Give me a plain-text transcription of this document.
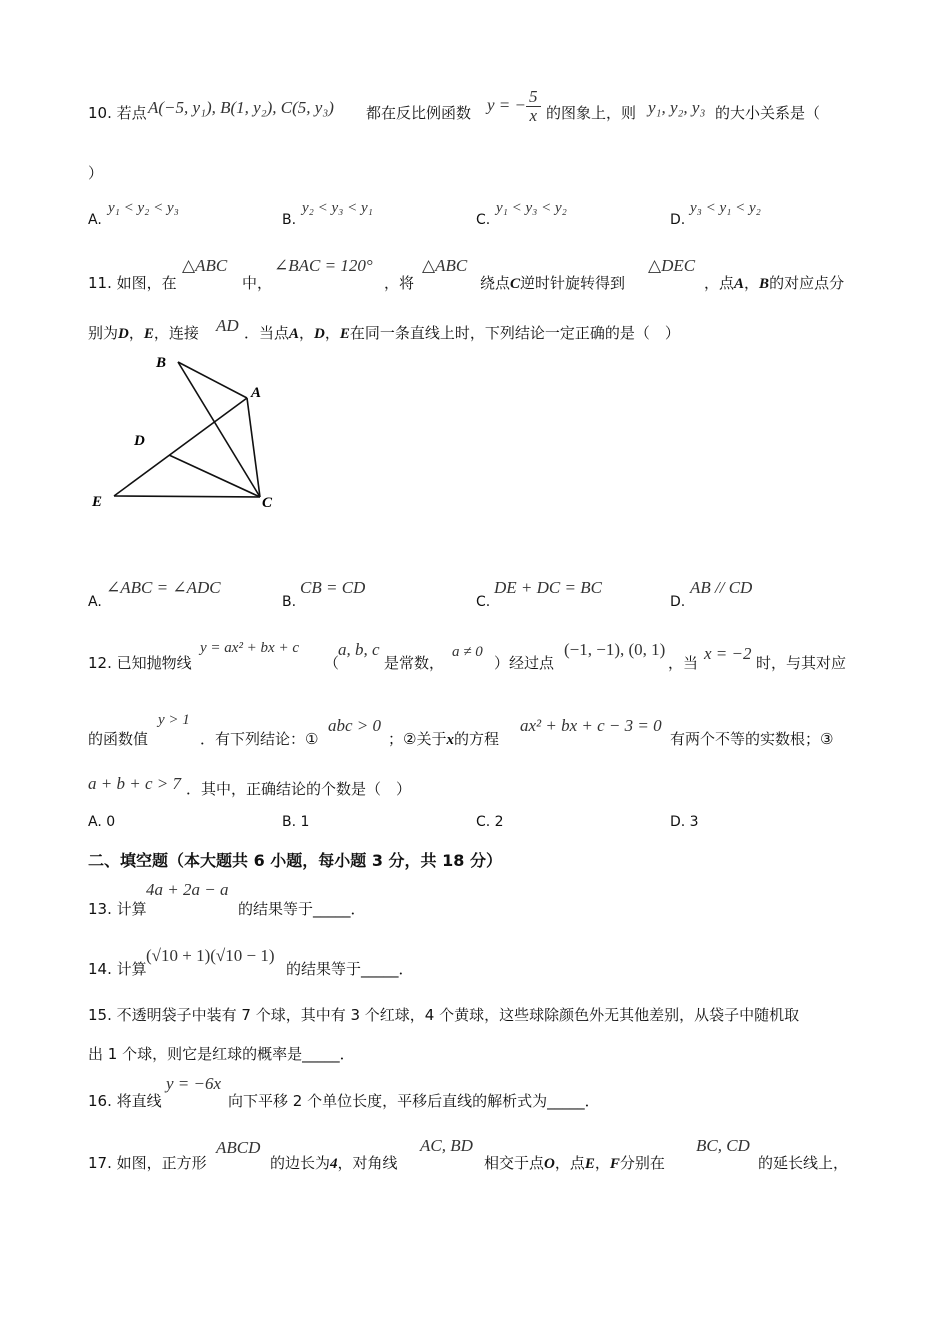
10. 若点 A(−5, y₁), B(1, y₂), C(5, y₃) 都在反比例函数 y = − $\frac{5}{x}$ 的图象上，则 y₁, y₂, y₃ 的大小关系是（
）
A.
y₁ < y₂ < y₃
B.
y₂ < y₃ < y₁
C.
y₁ < y₃ < y₂
D.
y₃ < y₁ < y₂
11. 如图，在
△ABC
中，
∠BAC = 120°
，将
△ABC
绕点C逆时针旋转得到
△DEC
，点A，B的对应点分
别为D，E，连接 AD ．当点A，D，E在同一条直线上时，下列结论一定正确的是（　）
B
A
D
E	C
A.
∠ABC = ∠ADC
B.
CB = CD
C.
DE + DC = BC
D.
AB // CD
12. 已知抛物线
y = ax² + bx + c
（
a, b, c
是常数，
a ≠ 0
）经过点
(−1, −1), (0, 1)
，当 x = −2 时，与其对应
的函数值
y > 1
．有下列结论：①
abc > 0
；②关于x的方程
ax² + bx + c − 3 = 0
有两个不等的实数根；③
a + b + c > 7 ．其中，正确结论的个数是（　）
A. 0	B. 1	C. 2	D. 3
二、填空题（本大题共 6 小题，每小题 3 分，共 18 分）
13. 计算
4a + 2a − a
的结果等于_____．
14. 计算
(√10 + 1)(√10 − 1)
的结果等于_____．
15. 不透明袋子中装有 7 个球，其中有 3 个红球，4 个黄球，这些球除颜色外无其他差别，从袋子中随机取
出 1 个球，则它是红球的概率是_____．
16. 将直线
y = −6x
向下平移 2 个单位长度，平移后直线的解析式为_____．
17. 如图，正方形
ABCD
的边长为4，对角线
AC, BD
相交于点O，点E，F分别在
BC, CD
的延长线上，
